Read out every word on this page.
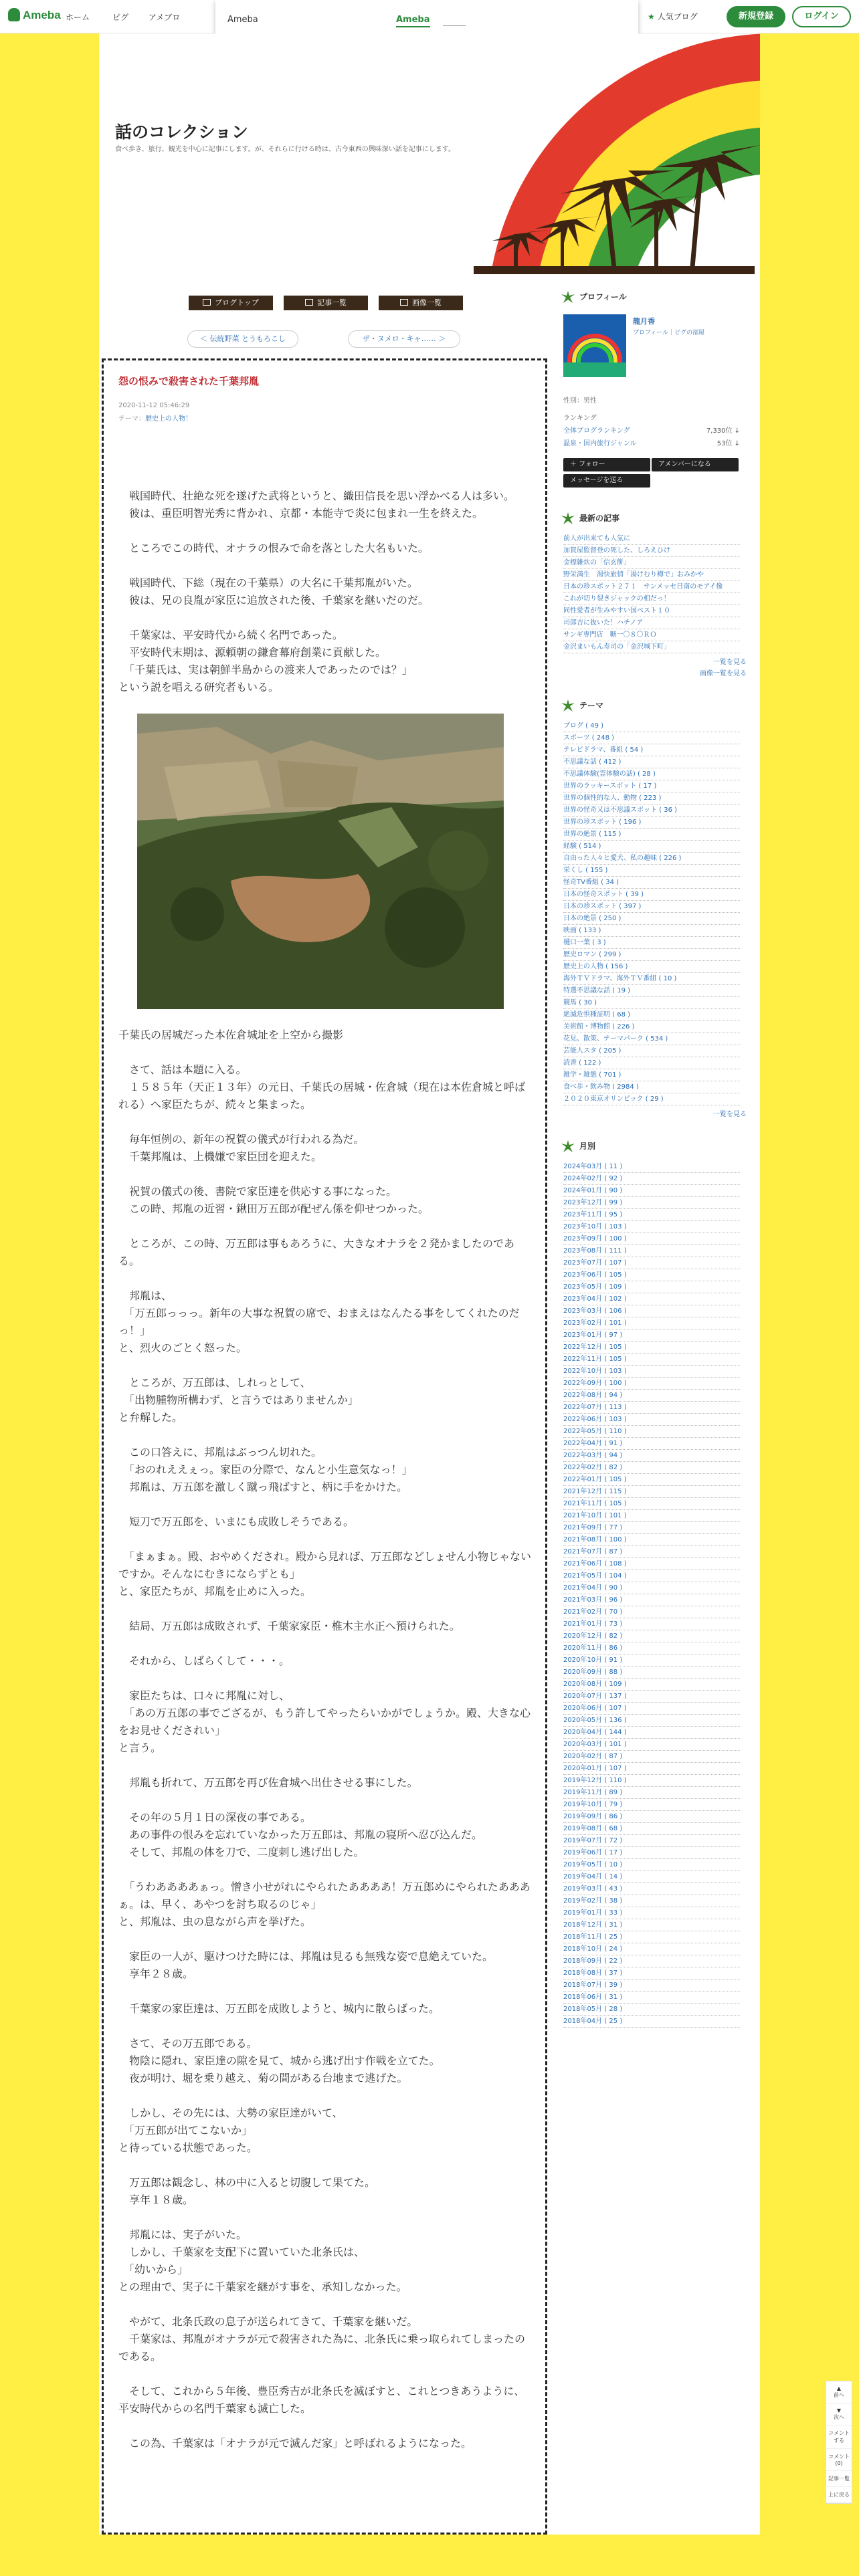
Ameba ホーム	ピグ アメブロ	Ameba	Ameba	★ 人気ブログ	新規登録	ログイン
話のコレクション

食べ歩き、旅行、観光を中心に記事にします。が、それらに行ける時は、古今東西の興味深い話を記事にします。

ブログトップ	記事一覧	画像一覧
＜ 伝統野菜 とうもろこし	ザ・ヌメロ・キャ…… ＞
怨の恨みで殺害された千葉邦胤
2020-11-12 05:46:29
テーマ：歴史上の人物！

　戦国時代、壮絶な死を遂げた武将というと、織田信長を思い浮かべる人は多い。
　彼は、重臣明智光秀に背かれ、京都・本能寺で炎に包まれ一生を終えた。

　ところでこの時代、オナラの恨みで命を落とした大名もいた。

　戦国時代、下総（現在の千葉県）の大名に千葉邦胤がいた。
　彼は、兄の良胤が家臣に追放された後、千葉家を継いだのだ。

　千葉家は、平安時代から続く名門であった。
　平安時代末期は、源頼朝の鎌倉幕府創業に貢献した。
　「千葉氏は、実は朝鮮半島からの渡来人であったのでは？」
という説を唱える研究者もいる。

千葉氏の居城だった本佐倉城址を上空から撮影

　さて、話は本題に入る。
　１５８５年（天正１３年）の元日、千葉氏の居城・佐倉城（現在は本佐倉城と呼ばれる）へ家臣たちが、続々と集まった。

　毎年恒例の、新年の祝賀の儀式が行われる為だ。
　千葉邦胤は、上機嫌で家臣団を迎えた。

　祝賀の儀式の後、書院で家臣達を供応する事になった。
　この時、邦胤の近習・鍬田万五郎が配ぜん係を仰せつかった。

　ところが、この時、万五郎は事もあろうに、大きなオナラを２発かましたのである。

　邦胤は、
　「万五郎っっっ。新年の大事な祝賀の席で、おまえはなんたる事をしてくれたのだっ！」
と、烈火のごとく怒った。

　ところが、万五郎は、しれっとして、
　「出物腫物所構わず、と言うではありませんか」
と弁解した。

　この口答えに、邦胤はぶっつん切れた。
　「おのれええぇっ。家臣の分際で、なんと小生意気なっ！」
　邦胤は、万五郎を激しく蹴っ飛ばすと、柄に手をかけた。

　短刀で万五郎を、いまにも成敗しそうである。

　「まぁまぁ。殿、おやめくだされ。殿から見れば、万五郎などしょせん小物じゃないですか。そんなにむきにならずとも」
と、家臣たちが、邦胤を止めに入った。

　結局、万五郎は成敗されず、千葉家家臣・椎木主水正へ預けられた。

　それから、しばらくして・・・。

　家臣たちは、口々に邦胤に対し、
　「あの万五郎の事でござるが、もう許してやったらいかがでしょうか。殿、大きな心をお見せくだされい」
と言う。

　邦胤も折れて、万五郎を再び佐倉城へ出仕させる事にした。

　その年の５月１日の深夜の事である。
　あの事件の恨みを忘れていなかった万五郎は、邦胤の寝所へ忍び込んだ。
　そして、邦胤の体を刀で、二度刺し逃げ出した。

　「うわああああぁっ。憎き小せがれにやられたああああ！万五郎めにやられたあああぁ。は、早く、あやつを討ち取るのじゃ」
と、邦胤は、虫の息ながら声を挙げた。

　家臣の一人が、駆けつけた時には、邦胤は見るも無残な姿で息絶えていた。
　享年２８歳。

　千葉家の家臣達は、万五郎を成敗しようと、城内に散らばった。

　さて、その万五郎である。
　物陰に隠れ、家臣達の隙を見て、城から逃げ出す作戦を立てた。
　夜が明け、堀を乗り越え、菊の間がある台地まで逃げた。

　しかし、その先には、大勢の家臣達がいて、
　「万五郎が出てこないか」
と待っている状態であった。

　万五郎は観念し、林の中に入ると切腹して果てた。
　享年１８歳。

　邦胤には、実子がいた。
　しかし、千葉家を支配下に置いていた北条氏は、
　「幼いから」
との理由で、実子に千葉家を継がす事を、承知しなかった。

　やがて、北条氏政の息子が送られてきて、千葉家を継いだ。
　千葉家は、邦胤がオナラが元で殺害された為に、北条氏に乗っ取られてしまったのである。

　そして、これから５年後、豊臣秀吉が北条氏を滅ぼすと、これとつきあうように、平安時代からの名門千葉家も滅亡した。

　この為、千葉家は「オナラが元で滅んだ家」と呼ばれるようになった。

プロフィール
龍月香
プロフィール｜ピグの部屋
性別：男性
ランキング
全体ブログランキング	7,330位 ↓
温泉・国内旅行ジャンル	53位 ↓
＋ フォロー	アメンバーになる
メッセージを送る
最新の記事
前人が出来ても人気に
加賀屋監督登の死した、しろえひけ
金標雑炊の「信玄餅」
野栄満生　湯快旅情「湯けむり樽で」おみかや
日本の珍スポット２７１　サンメッセ日南のモアイ像
これが切り裂きジャックの相だっ！
同性愛者が生みやすい国ベスト１０
司郎吉に抜いた！ハチノア
サンギ専門店　糖一〇８〇ＲＯ
金沢まいもん寿司の「金沢城下町」
一覧を見る
画像一覧を見る
テーマ
ブログ ( 49 )
スポーツ ( 248 )
テレビドラマ、番組 ( 54 )
不思議な話 ( 412 )
不思議体験(霊体験の話) ( 28 )
世界のラッキースポット ( 17 )
世界の個性的な人、動物 ( 223 )
世界の怪奇又は不思議スポット ( 36 )
世界の珍スポット ( 196 )
世界の絶景 ( 115 )
経験 ( 514 )
自由った人々と愛犬、私の趣味 ( 226 )
栄くし ( 155 )
怪奇TV番組 ( 34 )
日本の怪奇スポット ( 39 )
日本の珍スポット ( 397 )
日本の絶景 ( 250 )
映画 ( 133 )
樋口一葉 ( 3 )
歴史ロマン ( 299 )
歴史上の人物 ( 156 )
海外ＴＶドラマ、海外ＴＶ番組 ( 10 )
特選不思議な話 ( 19 )
競馬 ( 30 )
絶滅危惧種証明 ( 68 )
美術館・博物館 ( 226 )
花見、散策、テーマパーク ( 534 )
芸能人スタ ( 205 )
読書 ( 122 )
雑学・雑態 ( 701 )
食べ歩・飲み物 ( 2984 )
２０２０東京オリンピック ( 29 )
一覧を見る
月別
2024年03月 ( 11 )
2024年02月 ( 92 )
2024年01月 ( 90 )
2023年12月 ( 99 )
2023年11月 ( 95 )
2023年10月 ( 103 )
2023年09月 ( 100 )
2023年08月 ( 111 )
2023年07月 ( 107 )
2023年06月 ( 105 )
2023年05月 ( 109 )
2023年04月 ( 102 )
2023年03月 ( 106 )
2023年02月 ( 101 )
2023年01月 ( 97 )
2022年12月 ( 105 )
2022年11月 ( 105 )
2022年10月 ( 103 )
2022年09月 ( 100 )
2022年08月 ( 94 )
2022年07月 ( 113 )
2022年06月 ( 103 )
2022年05月 ( 110 )
2022年04月 ( 91 )
2022年03月 ( 94 )
2022年02月 ( 82 )
2022年01月 ( 105 )
2021年12月 ( 115 )
2021年11月 ( 105 )
2021年10月 ( 101 )
2021年09月 ( 77 )
2021年08月 ( 100 )
2021年07月 ( 87 )
2021年06月 ( 108 )
2021年05月 ( 104 )
2021年04月 ( 90 )
2021年03月 ( 96 )
2021年02月 ( 70 )
2021年01月 ( 73 )
2020年12月 ( 82 )
2020年11月 ( 86 )
2020年10月 ( 91 )
2020年09月 ( 88 )
2020年08月 ( 109 )
2020年07月 ( 137 )
2020年06月 ( 107 )
2020年05月 ( 136 )
2020年04月 ( 144 )
2020年03月 ( 101 )
2020年02月 ( 87 )
2020年01月 ( 107 )
2019年12月 ( 110 )
2019年11月 ( 89 )
2019年10月 ( 79 )
2019年09月 ( 86 )
2019年08月 ( 68 )
2019年07月 ( 72 )
2019年06月 ( 17 )
2019年05月 ( 10 )
2019年04月 ( 14 )
2019年03月 ( 43 )
2019年02月 ( 38 )
2019年01月 ( 33 )
2018年12月 ( 31 )
2018年11月 ( 25 )
2018年10月 ( 24 )
2018年09月 ( 22 )
2018年08月 ( 37 )
2018年07月 ( 39 )
2018年06月 ( 31 )
2018年05月 ( 28 )
2018年04月 ( 25 )
▲
前へ
▼
次へ
コメントする
コメント(0)
記事一覧
上に戻る
